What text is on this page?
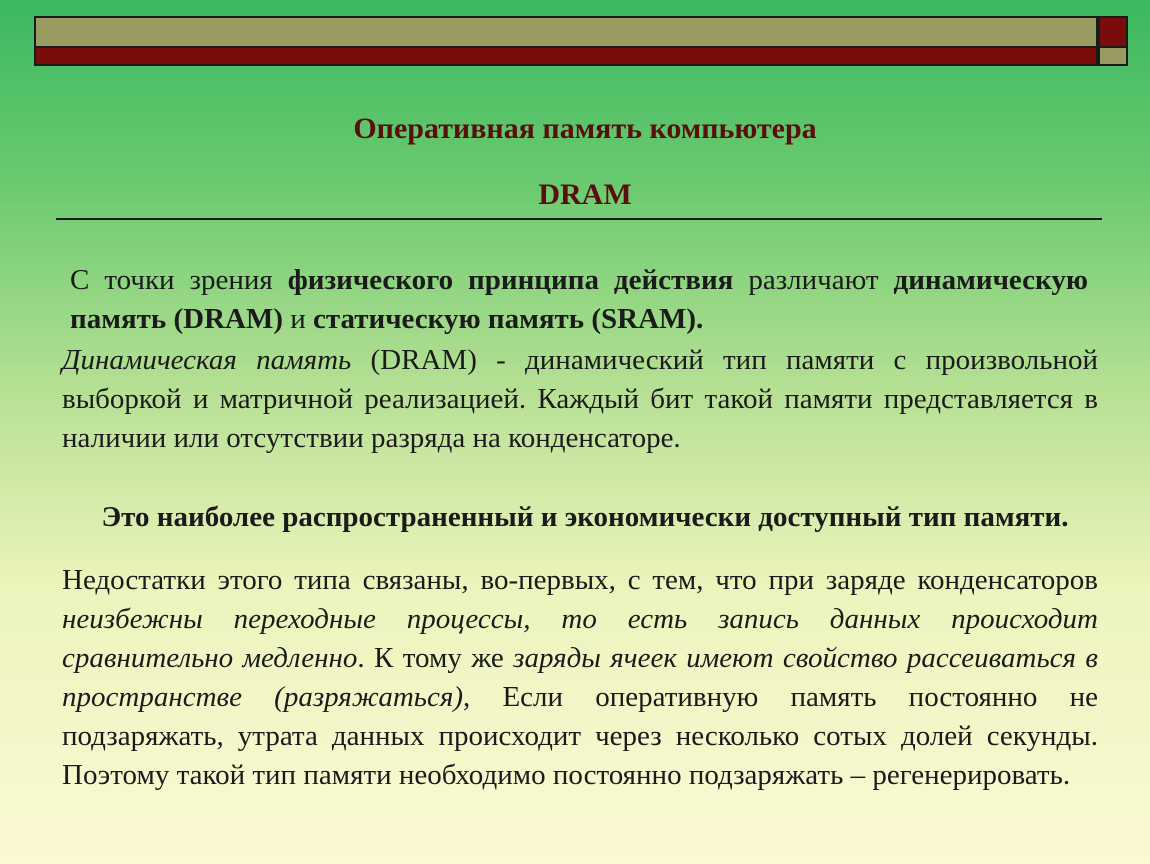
Оперативная память компьютера
DRAM
С точки зрения физического принципа действия различают динамическую память (DRAM) и статическую память (SRAM).
Динамическая память (DRAM) - динамический тип памяти с произвольной выборкой и матричной реализацией. Каждый бит такой памяти представляется в наличии или отсутствии разряда на конденсаторе.
Это наиболее распространенный и экономически доступный тип памяти.
Недостатки этого типа связаны, во-первых, с тем, что при заряде конденсаторов неизбежны переходные процессы, то есть запись данных происходит сравнительно медленно. К тому же заряды ячеек имеют свойство рассеиваться в пространстве (разряжаться), Если оперативную память постоянно не подзаряжать, утрата данных происходит через несколько сотых долей секунды. Поэтому такой тип памяти необходимо постоянно подзаряжать – регенерировать.
